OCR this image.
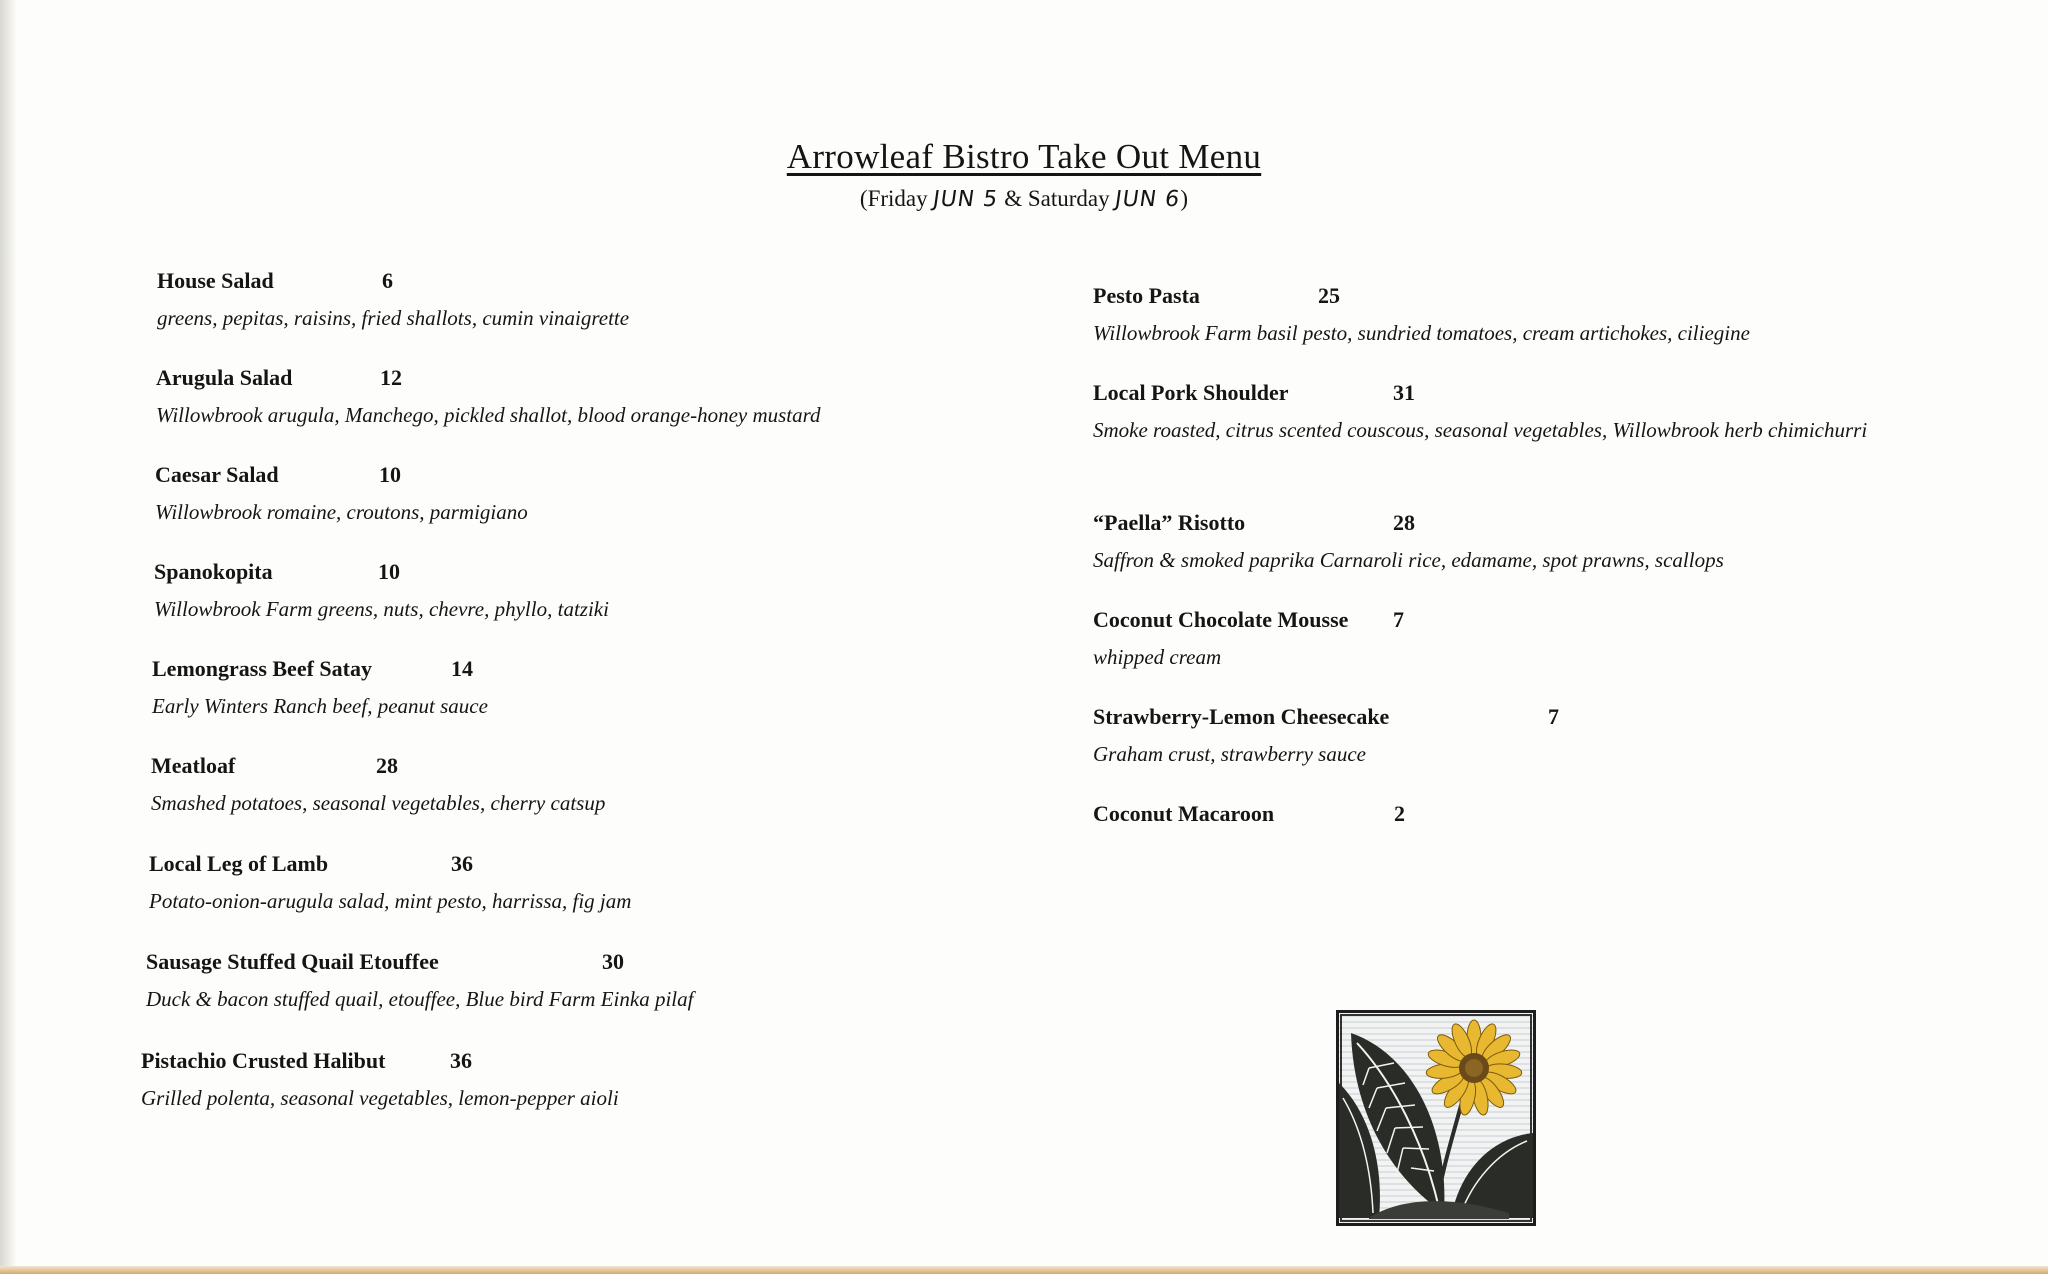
Arrowleaf Bistro Take Out Menu
(Friday JUN 5 & Saturday JUN 6)
House Salad	6
greens, pepitas, raisins, fried shallots, cumin vinaigrette
Arugula Salad	12
Willowbrook arugula, Manchego, pickled shallot, blood orange-honey mustard
Caesar Salad	10
Willowbrook romaine, croutons, parmigiano
Spanokopita	10
Willowbrook Farm greens, nuts, chevre, phyllo, tatziki
Lemongrass Beef Satay	14
Early Winters Ranch beef, peanut sauce
Meatloaf	28
Smashed potatoes, seasonal vegetables, cherry catsup
Local Leg of Lamb	36
Potato-onion-arugula salad, mint pesto, harrissa, fig jam
Sausage Stuffed Quail Etouffee	30
Duck & bacon stuffed quail, etouffee, Blue bird Farm Einka pilaf
Pistachio Crusted Halibut	36
Grilled polenta, seasonal vegetables, lemon-pepper aioli
Pesto Pasta	25
Willowbrook Farm basil pesto, sundried tomatoes, cream artichokes, ciliegine
Local Pork Shoulder	31
Smoke roasted, citrus scented couscous, seasonal vegetables, Willowbrook herb chimichurri
“Paella” Risotto	28
Saffron & smoked paprika Carnaroli rice, edamame, spot prawns, scallops
Coconut Chocolate Mousse 7
whipped cream
Strawberry-Lemon Cheesecake	7
Graham crust, strawberry sauce
Coconut Macaroon	2
